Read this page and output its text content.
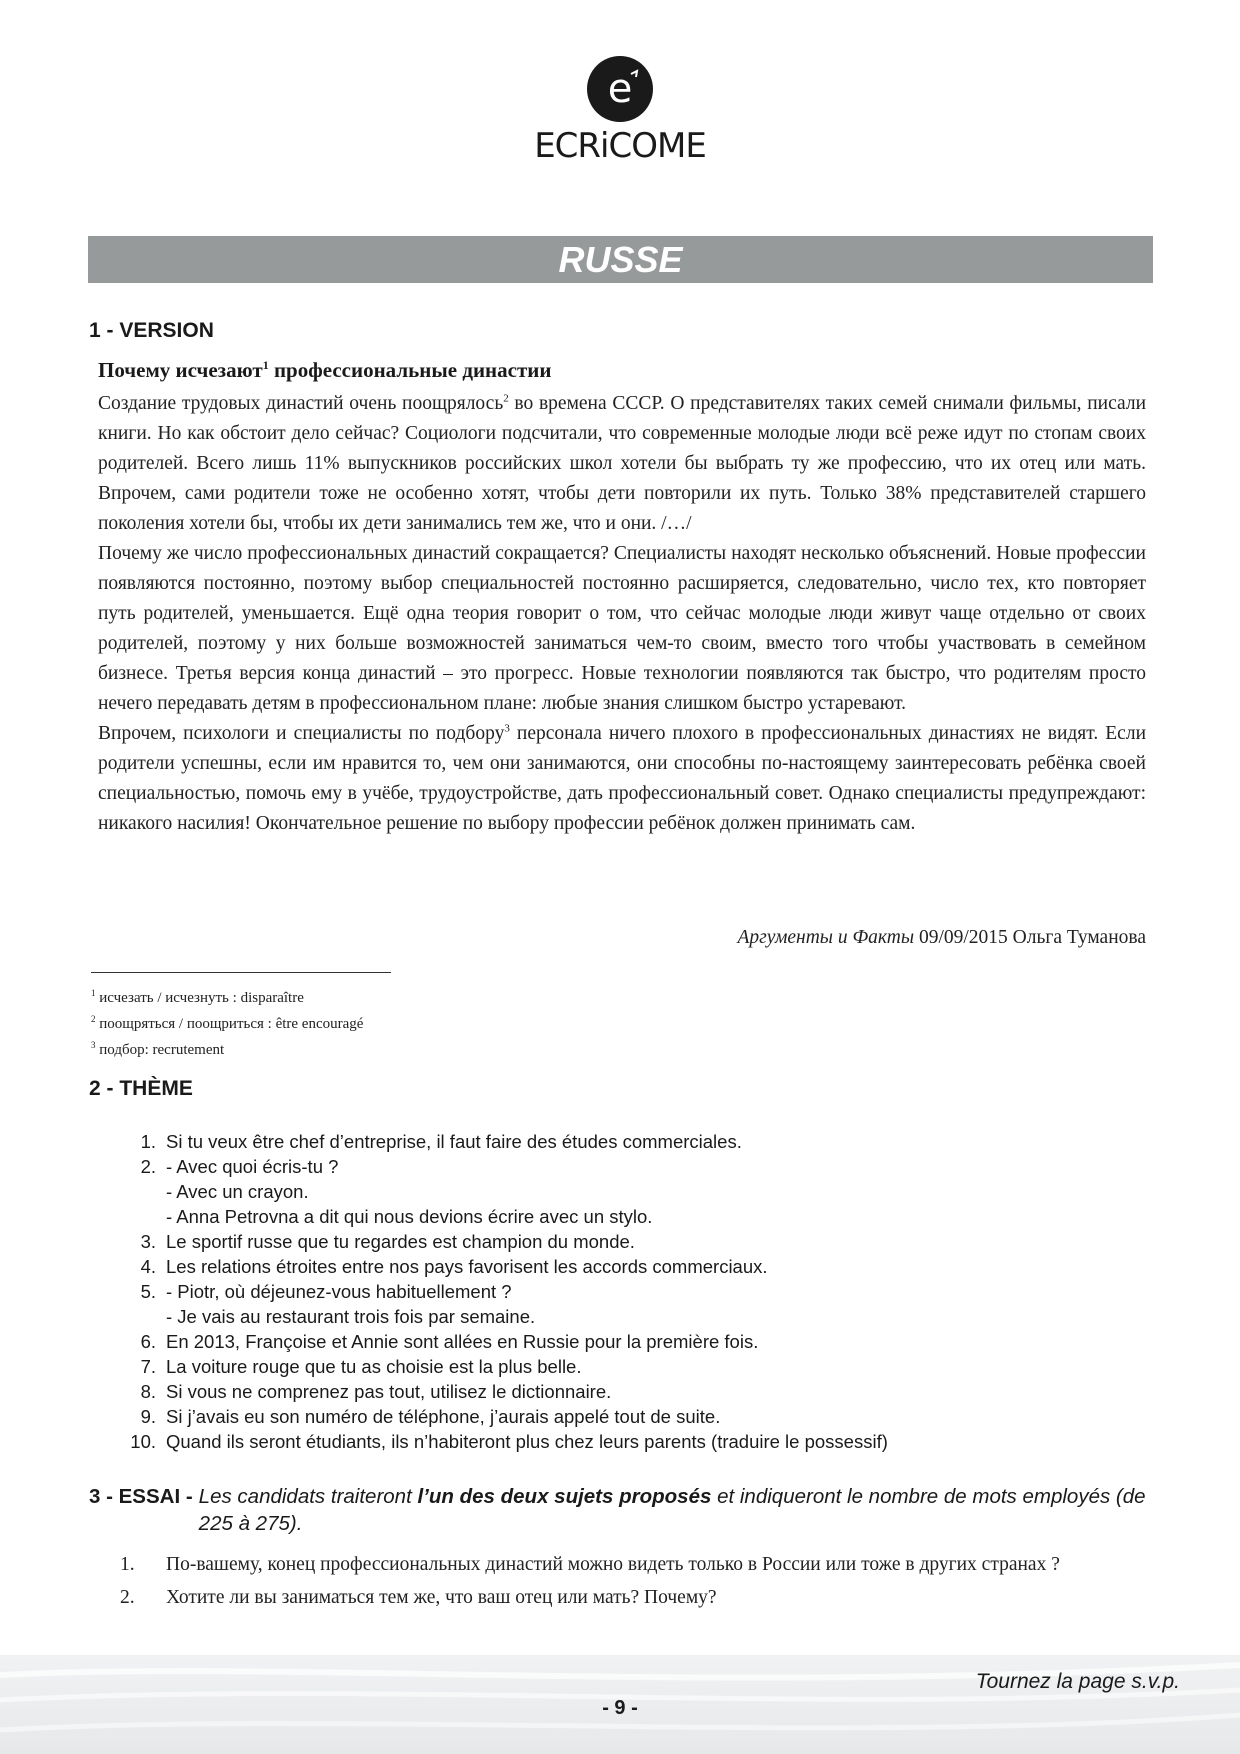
e
ECRiCOME
RUSSE
1 - VERSION
Почему исчезают$^1$ профессиональные династии

Создание трудовых династий очень поощрялось$^2$ во времена СССР. О представителях таких семей снимали фильмы, писали книги. Но как обстоит дело сейчас? Социологи подсчитали, что современные молодые люди всё реже идут по стопам своих родителей. Всего лишь 11% выпускников российских школ хотели бы выбрать ту же профессию, что их отец или мать. Впрочем, сами родители тоже не особенно хотят, чтобы дети повторили их путь. Только 38% представителей старшего поколения хотели бы, чтобы их дети занимались тем же, что и они. /…/

Почему же число профессиональных династий сокращается? Специалисты находят несколько объяснений. Новые профессии появляются постоянно, поэтому выбор специальностей постоянно расширяется, следовательно, число тех, кто повторяет путь родителей, уменьшается. Ещё одна теория говорит о том, что сейчас молодые люди живут чаще отдельно от своих родителей, поэтому у них больше возможностей заниматься чем-то своим, вместо того чтобы участвовать в семейном бизнесе. Третья версия конца династий – это прогресс. Новые технологии появляются так быстро, что родителям просто нечего передавать детям в профессиональном плане: любые знания слишком быстро устаревают.

Впрочем, психологи и специалисты по подбору$^3$ персонала ничего плохого в профессиональных династиях не видят. Если родители успешны, если им нравится то, чем они занимаются, они способны по-настоящему заинтересовать ребёнка своей специальностью, помочь ему в учёбе, трудоустройстве, дать профессиональный совет. Однако специалисты предупреждают: никакого насилия! Окончательное решение по выбору профессии ребёнок должен принимать сам.

Аргументы и Факты 09/09/2015 Ольга Туманова
$^1$ исчезать / исчезнуть : disparaître
$^2$ поощряться / поощриться : être encouragé
$^3$ подбор: recrutement
2 - THÈME
1. Si tu veux être chef d’entreprise, il faut faire des études commerciales.
2. - Avec quoi écris-tu ?
- Avec un crayon.
- Anna Petrovna a dit qui nous devions écrire avec un stylo.
3. Le sportif russe que tu regardes est champion du monde.
4. Les relations étroites entre nos pays favorisent les accords commerciaux.
5. - Piotr, où déjeunez-vous habituellement ?
- Je vais au restaurant trois fois par semaine.
6. En 2013, Françoise et Annie sont allées en Russie pour la première fois.
7. La voiture rouge que tu as choisie est la plus belle.
8. Si vous ne comprenez pas tout, utilisez le dictionnaire.
9. Si j’avais eu son numéro de téléphone, j’aurais appelé tout de suite.
10. Quand ils seront étudiants, ils n’habiteront plus chez leurs parents (traduire le possessif)
3 - ESSAI - Les candidats traiteront l’un des deux sujets proposés et indiqueront le nombre de mots employés (de 225 à 275).
1.	По-вашему, конец профессиональных династий можно видеть только в России или тоже в других странах ?
2.	Хотите ли вы заниматься тем же, что ваш отец или мать? Почему?
Tournez la page s.v.p.
- 9 -
